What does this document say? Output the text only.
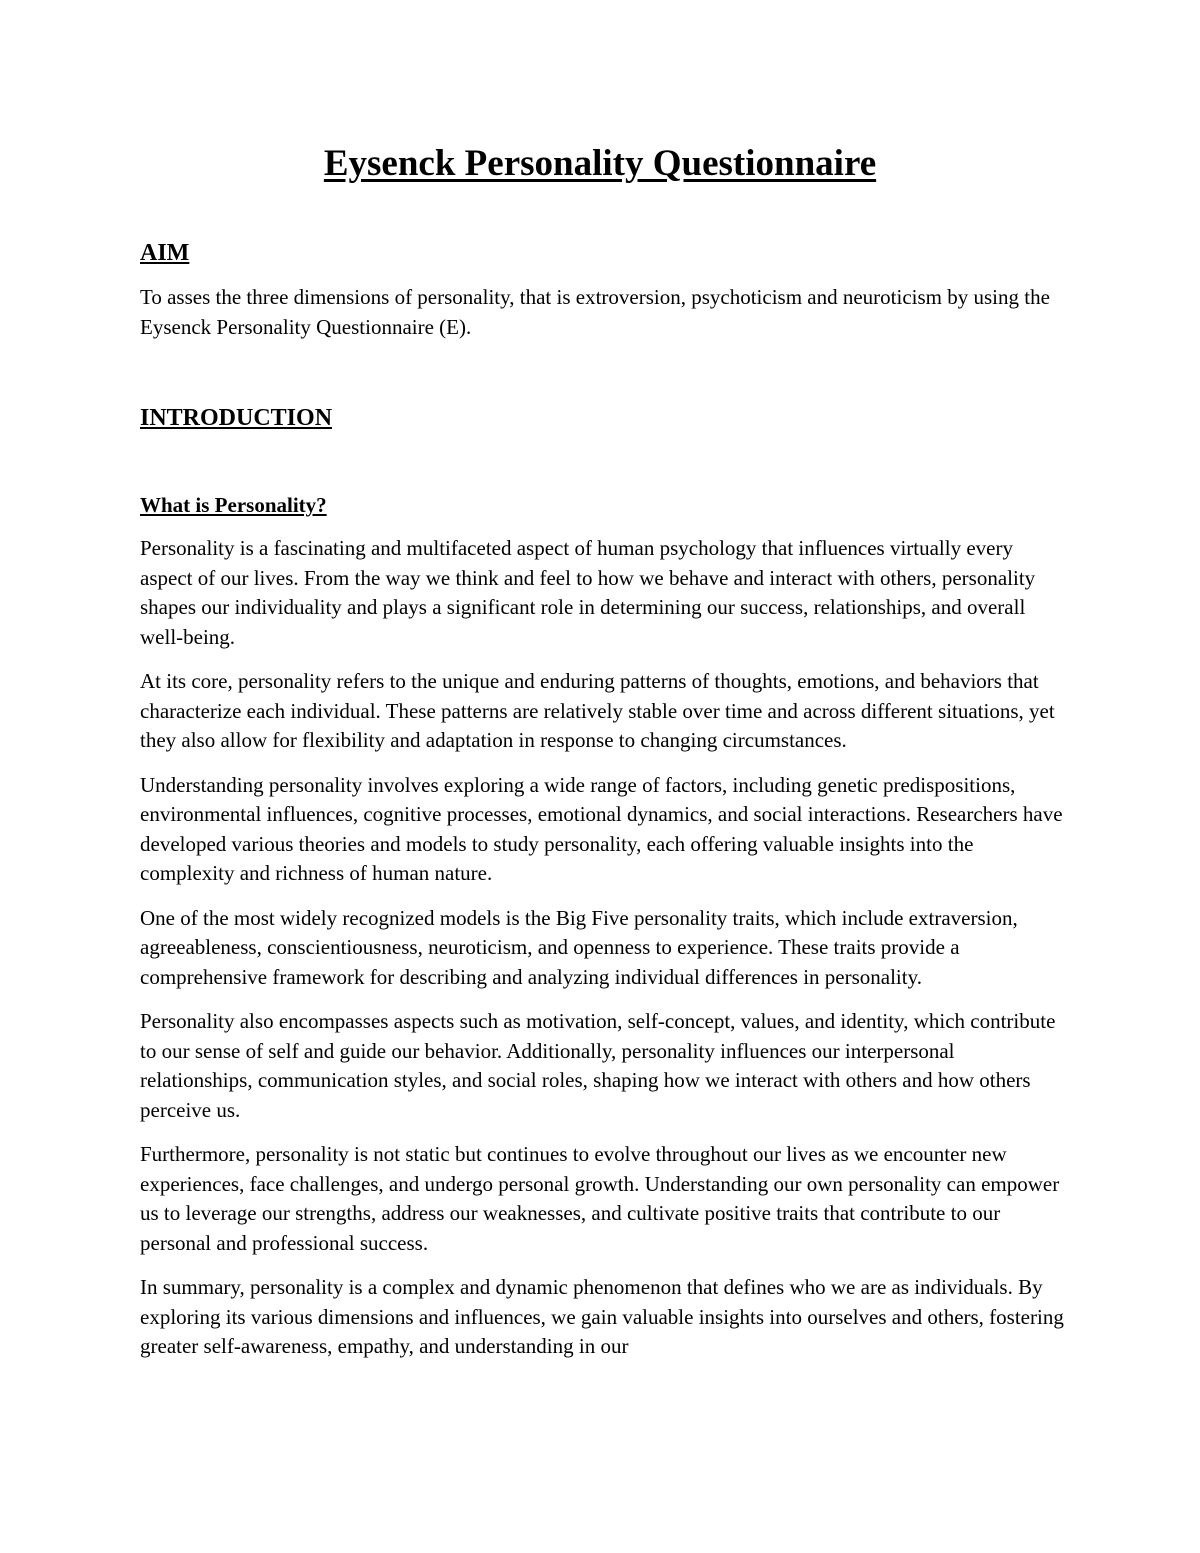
Eysenck Personality Questionnaire
AIM

To asses the three dimensions of personality, that is extroversion, psychoticism and neuroticism by using the Eysenck Personality Questionnaire (E).

INTRODUCTION
What is Personality?

Personality is a fascinating and multifaceted aspect of human psychology that influences virtually every aspect of our lives. From the way we think and feel to how we behave and interact with others, personality shapes our individuality and plays a significant role in determining our success, relationships, and overall well-being.

At its core, personality refers to the unique and enduring patterns of thoughts, emotions, and behaviors that characterize each individual. These patterns are relatively stable over time and across different situations, yet they also allow for flexibility and adaptation in response to changing circumstances.

Understanding personality involves exploring a wide range of factors, including genetic predispositions, environmental influences, cognitive processes, emotional dynamics, and social interactions. Researchers have developed various theories and models to study personality, each offering valuable insights into the complexity and richness of human nature.

One of the most widely recognized models is the Big Five personality traits, which include extraversion, agreeableness, conscientiousness, neuroticism, and openness to experience. These traits provide a comprehensive framework for describing and analyzing individual differences in personality.

Personality also encompasses aspects such as motivation, self-concept, values, and identity, which contribute to our sense of self and guide our behavior. Additionally, personality influences our interpersonal relationships, communication styles, and social roles, shaping how we interact with others and how others perceive us.

Furthermore, personality is not static but continues to evolve throughout our lives as we encounter new experiences, face challenges, and undergo personal growth. Understanding our own personality can empower us to leverage our strengths, address our weaknesses, and cultivate positive traits that contribute to our personal and professional success.

In summary, personality is a complex and dynamic phenomenon that defines who we are as individuals. By exploring its various dimensions and influences, we gain valuable insights into ourselves and others, fostering greater self-awareness, empathy, and understanding in our
